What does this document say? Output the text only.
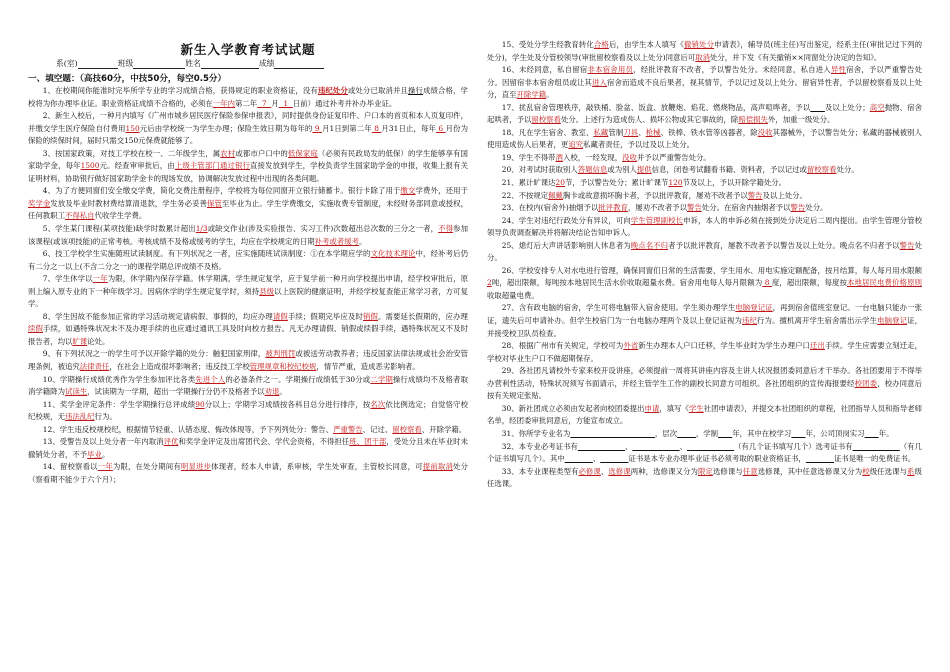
新生入学教育考试试题
系(室)	班级	姓名	成绩
一、填空题：（高技60分，中技50分，每空0.5分）

1、在校期间你能准时完毕所学专业的学习成绩合格，获得规定的职业资格证，没有违纪处分或处分已取消并且操行成绩合格，学校将为你办理毕业证。职业资格证成绩不合格的，必须在一年内第二年  7  月  1  日前）通过补考并补办毕业证。

2、新生入校后，一种月内填写《广州市城乡居民医疗保险参保申报表》，同时提供身份证复印件、户口本的首页和本人页复印件，并缴交学生医疗保险自付费用150元后由学校统一为学生办理；保险生效日期为每年的 9 月1日到第二年 8 月31日止，每年 6 月份为保险的续保时间，届时只需交150元保费就能够了。

3、按国家政策，对技工学校在校一、二年级学生，属农村或都市户口中的低保家庭（必须有民政局发的低保）的学生能够享有国家助学金，每年1500元。经查审审批后，由上级主管部门通过银行直接发放到学生，学校负责学生国家助学金的申报，收集上报有关证明材料，协助银行做好国家助学金卡的现场发放，协调解决发放过程中出现的各类问题。

4、为了方便同窗们安全缴交学费，简化交费注册程序，学校将为每位同窗开立银行储蓄卡。银行卡除了用于缴交学费外，还用于奖学金发放及毕业时教材费结算清退款，学生务必妥善保管至毕业为止。学生学费缴交，实施收费专管制度，未经财务部同意或授权，任何教职工不得私自代收学生学费。

5、学生某门课程(某项技能)缺学时数累计超出1/3或缺交作业(涉及实验报告、实习工件)次数超出总次数的三分之一者，不得参加该课程(或该项技能)的正常考核。考核成绩不及格或缓考的学生，均应在学校规定的日期补考或者缓考。

6、技工学校学生实施随班试读制度。有下列状况之一者，应实施随班试读制度：①在本学期应学的文化技术理论中，经补考后仍有二分之一以上(不含二分之一)的课程学期总评成绩不及格。

7、学生休学以一年为限，休学期内保存学籍。休学期满，学生规定复学，应于复学前一种月向学校提出申请，经学校审批后，原则上编入原专业的下一种年级学习。因病休学的学生规定复学时，须持县级以上医院的健康证明，并经学校复查能正常学习者，方可复学。

8、学生因故不能参加正常的学习活动规定请病假、事假的，均应办理请假手续；假期完毕应及时销假。需要延长假期的，应办理续假手续，如遇特殊状况未不及办理手续的也应通过通讯工具及时向校方报告。凡无办理请假、销假或续假手续，遇特殊状况又不及时报告者，均以旷课论处。

9、有下列状况之一的学生可予以开除学籍的处分：触犯国家刑律，被判刑罚或被送劳动教养者；违反国家法律法规或社会治安管理条例，被追究法律责任，在社会上造成很坏影响者；违反技工学校管理规章和校纪校规，情节严重，造成恶劣影响者。

10、学期操行成绩优秀作为学生参加评比各类先进个人的必备条件之一。学期操行成绩低于30分或二学期操行成绩均不及格者取消学籍降为试读生，试读期为一学期，超出一学期操行分仍不及格者予以劝退。

11、奖学金评定条件：学生学期操行总评成绩90分以上；学期学习成绩按各科目总分进行排序，按名次依比例选定；自觉恪守校纪校规，无违法乱纪行为。

12、学生违反校规校纪，根据情节轻重、认错态度、悔改体现等，予下列列处分：警告、严重警告、记过、留校察看、开除学籍。

13、受警告及以上处分者一年内取消评优和奖学金评定及出席团代会、学代会资格，不得担任班、团干部，受处分且未在毕业时未撤销处分者，不予毕业。

14、留校察看以一年为限，在处分期间有明显进步体现者，经本人申请，系审核，学生处审查，主管校长同意，可提前取消处分（察看期不能少于六个月）；

15、受处分学生经教育转化合格后，由学生本人填写《撤销处分申请表》，辅导员(班主任)写出鉴定，经系主任(审批记过下列的处分)，学生处及分管校领导(审批留校察看及以上处分)同意后可取消处分，并下发《有关撤销××同窗处分决定的告知》。

16、未经同意，私自留宿非本宿舍用员，经批评教育不改者，予以警告处分。未经同意，私自进入异性宿舍，予以严重警告处分。因留宿非本宿舍组员或让其进入宿舍而造成不良后果者，视其情节，予以记过及以上处分。留宿异性者，予以留校察看及以上处分，直至开除学籍。

17、扰乱宿舍管理秩序，敲铁桶、脸盆、饭盒、放鞭炮、焰花、燃烧物品，高声喧哗者，予以 及以上处分；高空抛物、宿舍起哄者，予以留校察看处分。上述行为造成伤人、损坏公物或其它事故的，除赔偿损失外，加重一级处分。

18、凡在学生宿舍、教室、私藏管制刀具、枪械、铁棒、铁水管等凶器者，除没收其器械外，予以警告处分；私藏的器械被别人使用造成伤人后果者，更追究私藏者责任，予以过及以上处分。

19、学生不得带酒入校，一经发现，没收并予以严重警告处分。

20、对考试时获取别人答题信息或为别人提供信息，闭卷考试翻看书籍、资料者，予以记过或留校察看处分。

21、累计旷课达20节，予以警告处分；累计旷课节120节及以上，予以开除学籍处分。

22、不按规定佩戴胸卡或故意损坏胸卡者，予以批评教育，屡劝不改者予以警告及以上处分。

23、在校内(宿舍外)抽烟予以批评教育，屡劝不改者予以警告处分。在宿舍内抽烟者予以警告处分。

24、学生对违纪行政处分有异议，可向学生管理副校长申诉，本人的申诉必须在接到处分决定后二周内提出。由学生管理分管校领导负责调查解决并将解决结论告知申诉人。

25、熄灯后大声讲话影响别人休息者为晚点名不归者予以批评教育，屡教不改者予以警告及以上处分。晚点名不归者予以警告处分。

26、学校安排专人对水电进行管理，确保同窗们日常的生活需要，学生用水、用电实施定额配备，按月结算，每人每月用水限额2吨，超出限额，每吨按本地居民生活水价收取超量水费。宿舍用电每人每月限额为 8 度，超出限额，每度按本地居民电费价格原则收取超量电费。

27、含有政电脑的宿舍，学生可将电脑带入宿舍使用。学生须办理学生电脑登记证，再到宿舍值班室登记。一台电脑只能办一张证，遗失后可申请补办。但学生校宿门为一台电脑办理两个及以上登记证视为违纪行为。擅机离开学生宿舍需出示学生电脑登记证，并接受校卫队员检查。

28、根据广州市有关规定，学校可为外省新生办理本人户口迁移，学生毕业时为学生办理户口迁出手续。学生应需要立刻迁走，学校对毕业生户口不做超期保存。

29、各社团凡请校外专家来校开设讲座，必须提前一周将其讲座内容及主讲人状况报团委同意后才干举办。各社团要用于不得举办营利性活动，特殊状况须写书面请示，并经主管学生工作的副校长同意方可组织。各社团组织的宣传海报要经校团委，校办同意后按有关规定张贴。

30、新社团成立必须由发起者向校团委提出申请，填写《学生社团申请表》，并提交本社团组织的章程，社团指导人员和指导老师名单，经团委审批同意后，方能宣布成立。

31、你所学专业名为	，层次	，学制 年，其中在校学习 年，公司顶岗实习 年。

32、本专业必考证书有	、	、	（有几个证书填写几个）选考证书有	（有几个证书填写几个）。其中	、	证书是本专业办理毕业证书必须考取的职业资格证书，	证书是唯一的免费证书。

33、本专业课程类型有必修课、选修课两种，选修课又分为限定选修课与任意选修课，其中任意选修课又分为校级任选课与系级任选课。
